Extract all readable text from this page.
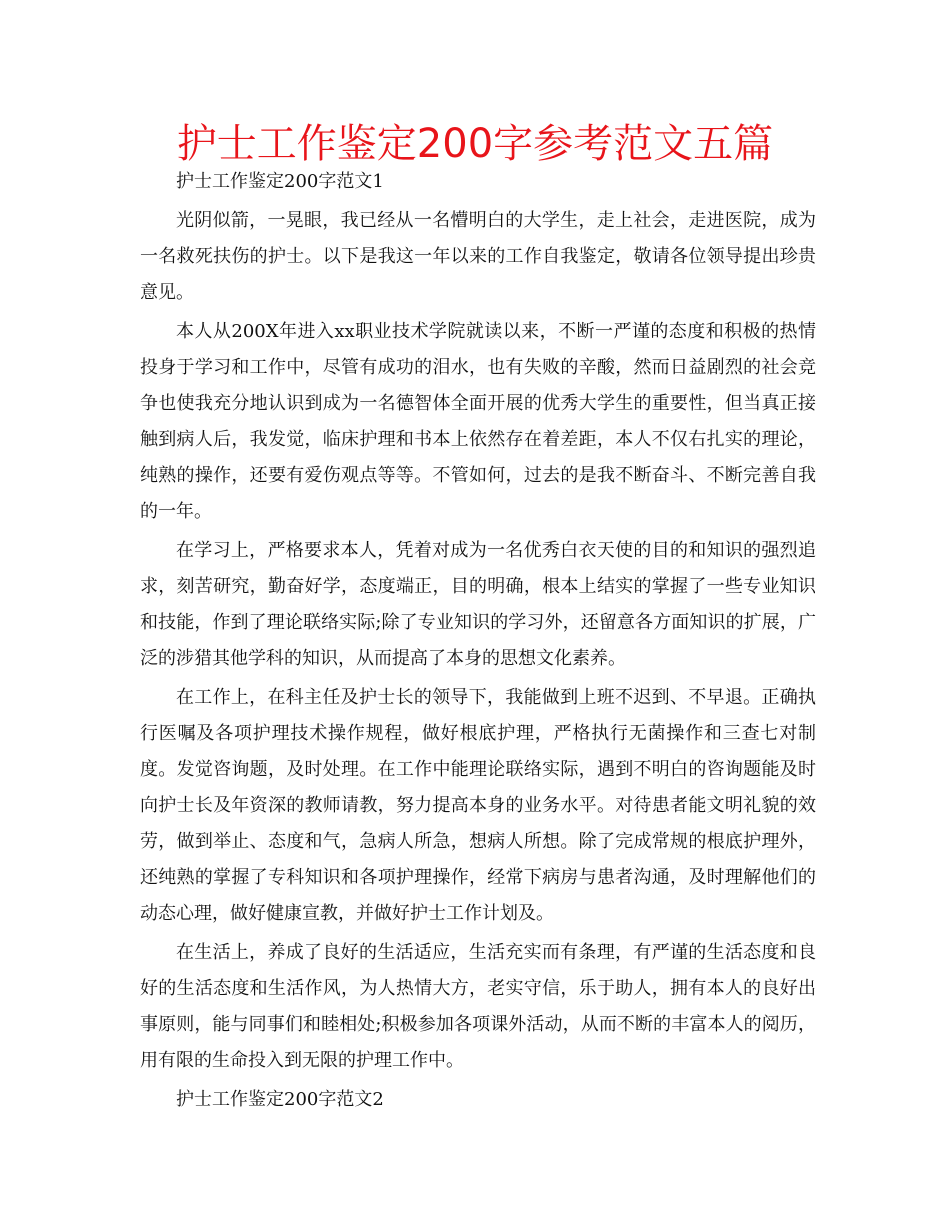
护士工作鉴定200字参考范文五篇

护士工作鉴定200字范文1

光阴似箭，一晃眼，我已经从一名懵明白的大学生，走上社会，走进医院，成为一名救死扶伤的护士。以下是我这一年以来的工作自我鉴定，敬请各位领导提出珍贵意见。

本人从200X年进入xx职业技术学院就读以来，不断一严谨的态度和积极的热情投身于学习和工作中，尽管有成功的泪水，也有失败的辛酸，然而日益剧烈的社会竞争也使我充分地认识到成为一名德智体全面开展的优秀大学生的重要性，但当真正接触到病人后，我发觉，临床护理和书本上依然存在着差距，本人不仅右扎实的理论，纯熟的操作，还要有爱伤观点等等。不管如何，过去的是我不断奋斗、不断完善自我的一年。

在学习上，严格要求本人，凭着对成为一名优秀白衣天使的目的和知识的强烈追求，刻苦研究，勤奋好学，态度端正，目的明确，根本上结实的掌握了一些专业知识和技能，作到了理论联络实际;除了专业知识的学习外，还留意各方面知识的扩展，广泛的涉猎其他学科的知识，从而提高了本身的思想文化素养。

在工作上，在科主任及护士长的领导下，我能做到上班不迟到、不早退。正确执行医嘱及各项护理技术操作规程，做好根底护理，严格执行无菌操作和三查七对制度。发觉咨询题，及时处理。在工作中能理论联络实际，遇到不明白的咨询题能及时向护士长及年资深的教师请教，努力提高本身的业务水平。对待患者能文明礼貌的效劳，做到举止、态度和气，急病人所急，想病人所想。除了完成常规的根底护理外，还纯熟的掌握了专科知识和各项护理操作，经常下病房与患者沟通，及时理解他们的动态心理，做好健康宣教，并做好护士工作计划及。

在生活上，养成了良好的生活适应，生活充实而有条理，有严谨的生活态度和良好的生活态度和生活作风，为人热情大方，老实守信，乐于助人，拥有本人的良好出事原则，能与同事们和睦相处;积极参加各项课外活动，从而不断的丰富本人的阅历，用有限的生命投入到无限的护理工作中。

护士工作鉴定200字范文2
